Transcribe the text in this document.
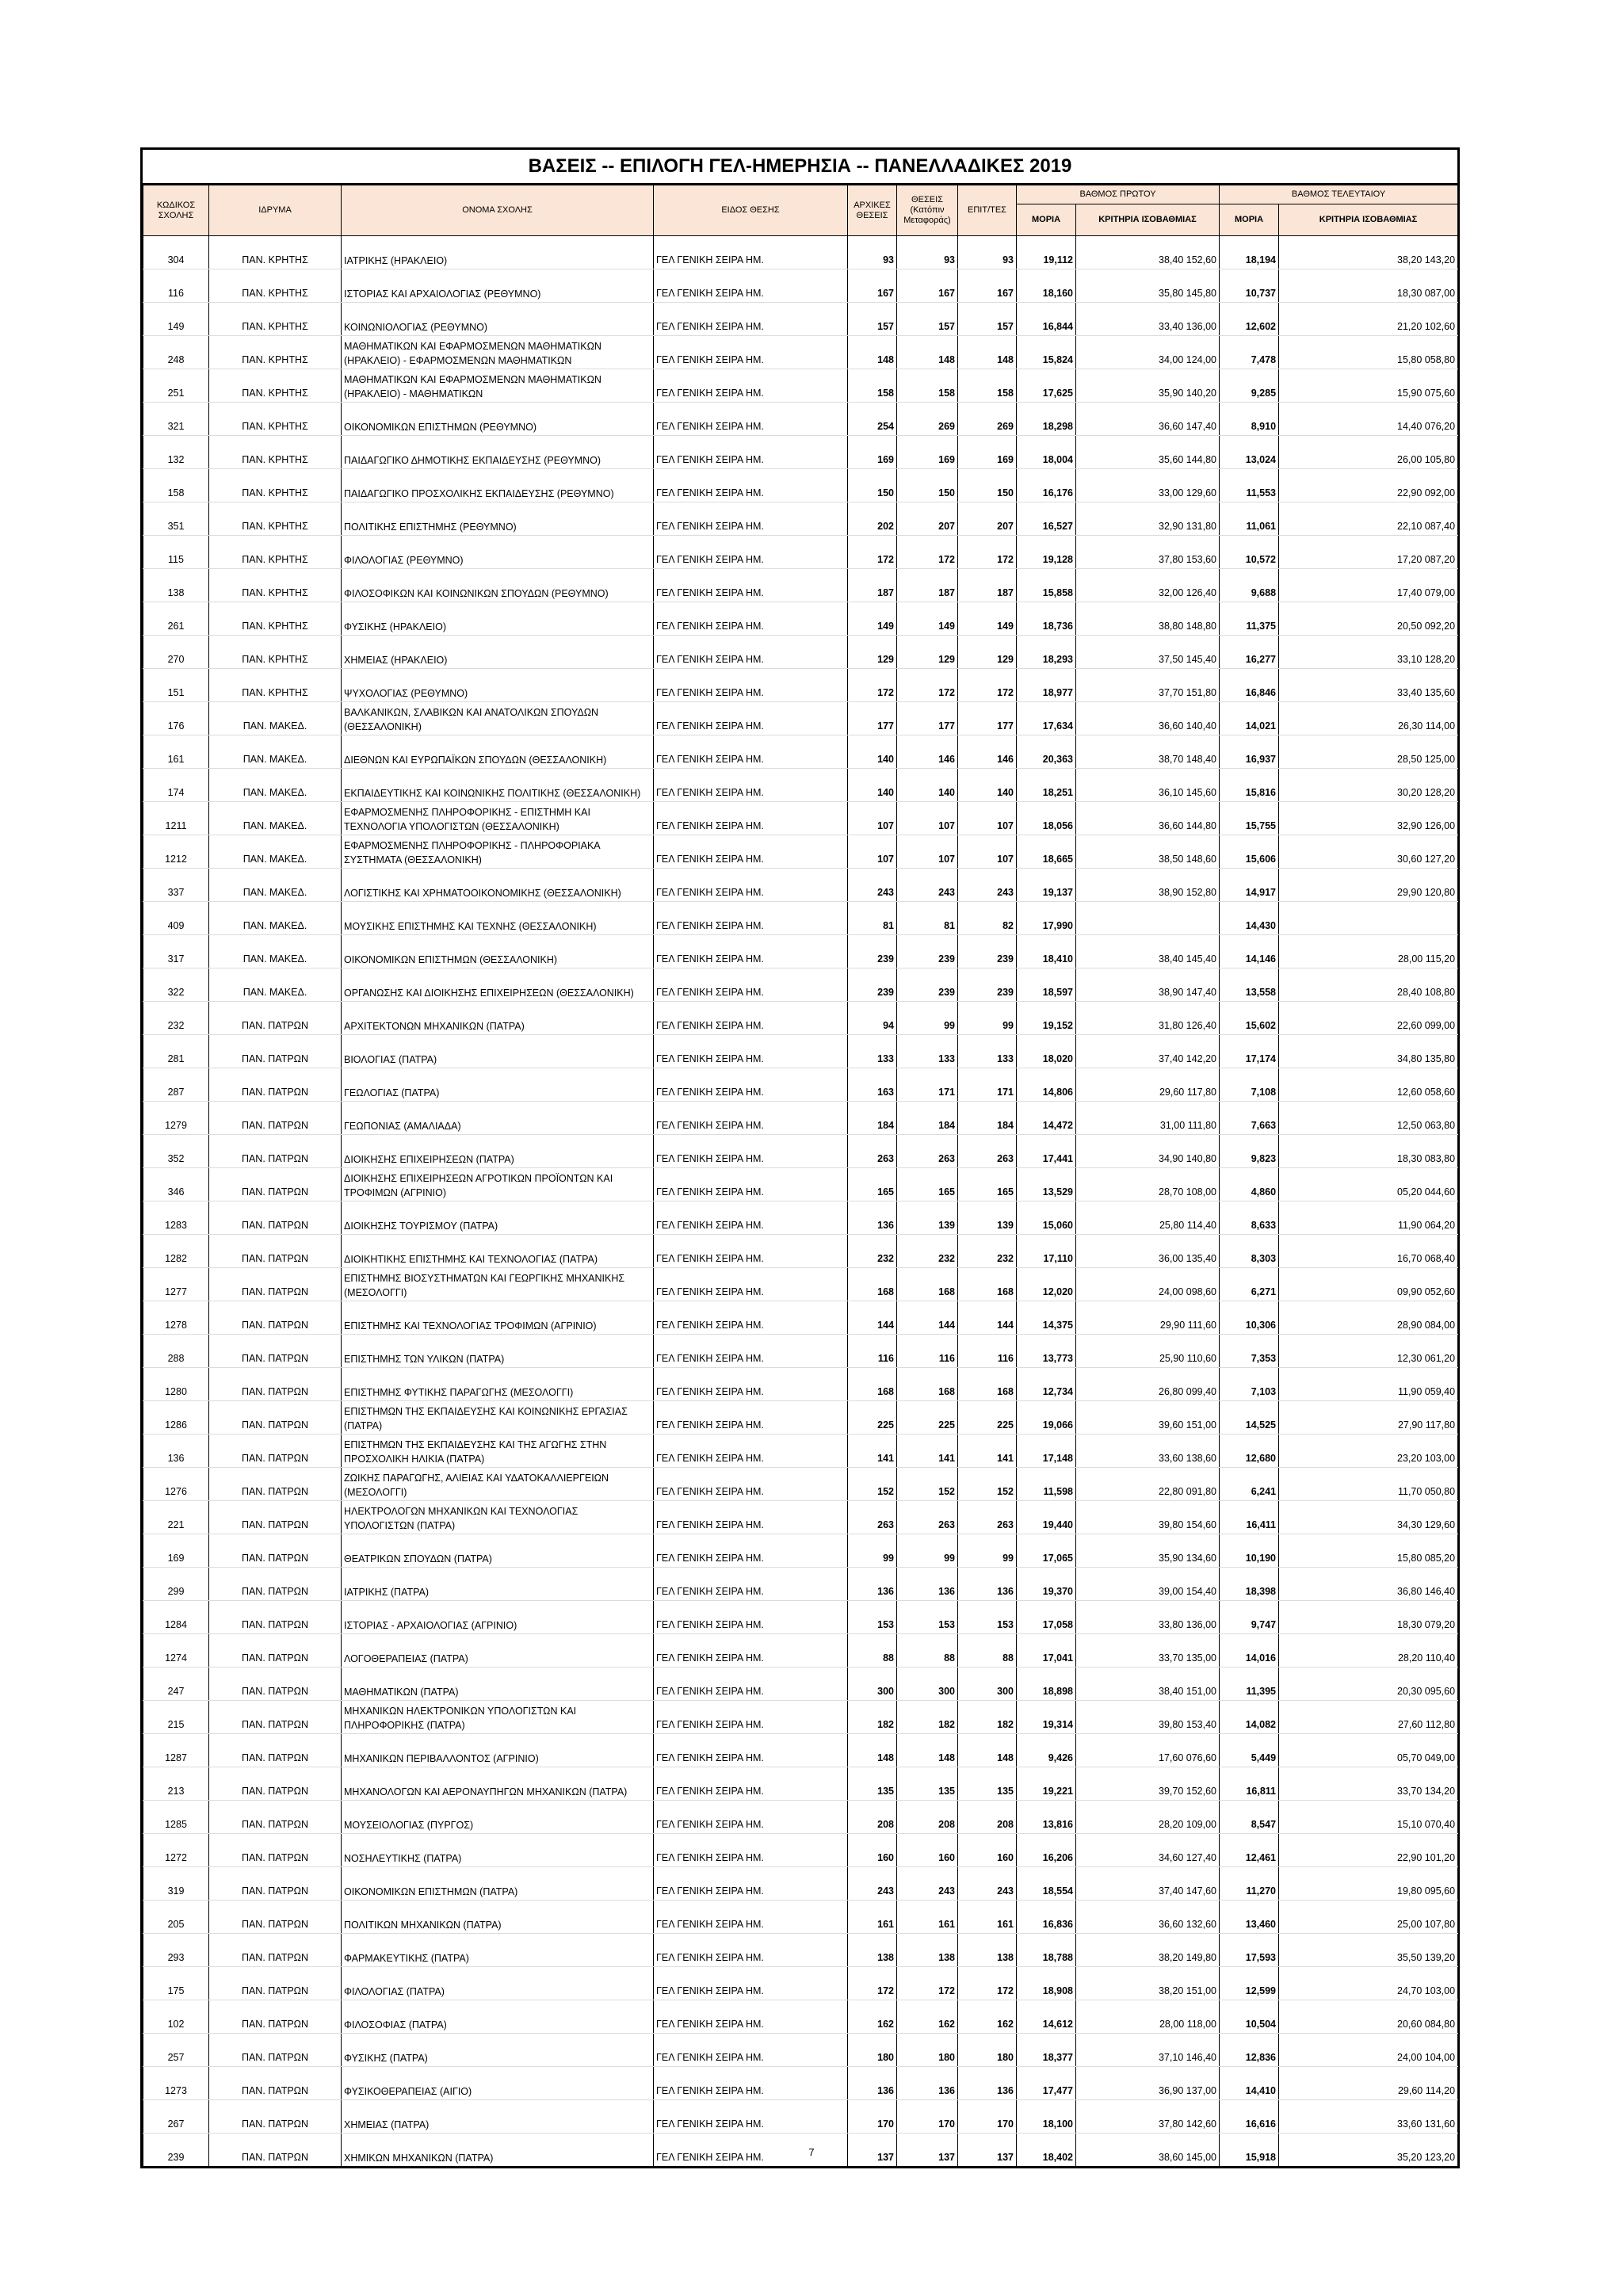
ΒΑΣΕΙΣ -- ΕΠΙΛΟΓΗ ΓΕΛ-ΗΜΕΡΗΣΙΑ -- ΠΑΝΕΛΛΑΔΙΚΕΣ 2019
ΚΩΔΙΚΟΣ ΣΧΟΛΗΣ	ΙΔΡΥΜΑ	ΟΝΟΜΑ ΣΧΟΛΗΣ	ΕΙΔΟΣ ΘΕΣΗΣ	ΑΡΧΙΚΕΣ ΘΕΣΕΙΣ	ΘΕΣΕΙΣ (Κατόπιν Μεταφοράς)	ΕΠΙΤ/ΤΕΣ	ΒΑΘΜΟΣ ΠΡΩΤΟΥ		ΒΑΘΜΟΣ ΤΕΛΕΥΤΑΙΟΥ	
							ΜΟΡΙΑ	ΚΡΙΤΗΡΙΑ ΙΣΟΒΑΘΜΙΑΣ	ΜΟΡΙΑ	ΚΡΙΤΗΡΙΑ ΙΣΟΒΑΘΜΙΑΣ
304	ΠΑΝ. ΚΡΗΤΗΣ	ΙΑΤΡΙΚΗΣ (ΗΡΑΚΛΕΙΟ)	ΓΕΛ ΓΕΝΙΚΗ ΣΕΙΡΑ ΗΜ.	93	93	93	19,112	38,40 152,60	18,194	38,20 143,20
116	ΠΑΝ. ΚΡΗΤΗΣ	ΙΣΤΟΡΙΑΣ ΚΑΙ ΑΡΧΑΙΟΛΟΓΙΑΣ (ΡΕΘΥΜΝΟ)	ΓΕΛ ΓΕΝΙΚΗ ΣΕΙΡΑ ΗΜ.	167	167	167	18,160	35,80 145,80	10,737	18,30 087,00
149	ΠΑΝ. ΚΡΗΤΗΣ	ΚΟΙΝΩΝΙΟΛΟΓΙΑΣ (ΡΕΘΥΜΝΟ)	ΓΕΛ ΓΕΝΙΚΗ ΣΕΙΡΑ ΗΜ.	157	157	157	16,844	33,40 136,00	12,602	21,20 102,60
248	ΠΑΝ. ΚΡΗΤΗΣ	ΜΑΘΗΜΑΤΙΚΩΝ ΚΑΙ ΕΦΑΡΜΟΣΜΕΝΩΝ ΜΑΘΗΜΑΤΙΚΩΝ (ΗΡΑΚΛΕΙΟ) - ΕΦΑΡΜΟΣΜΕΝΩΝ ΜΑΘΗΜΑΤΙΚΩΝ	ΓΕΛ ΓΕΝΙΚΗ ΣΕΙΡΑ ΗΜ.	148	148	148	15,824	34,00 124,00	7,478	15,80 058,80
251	ΠΑΝ. ΚΡΗΤΗΣ	ΜΑΘΗΜΑΤΙΚΩΝ ΚΑΙ ΕΦΑΡΜΟΣΜΕΝΩΝ ΜΑΘΗΜΑΤΙΚΩΝ (ΗΡΑΚΛΕΙΟ) - ΜΑΘΗΜΑΤΙΚΩΝ	ΓΕΛ ΓΕΝΙΚΗ ΣΕΙΡΑ ΗΜ.	158	158	158	17,625	35,90 140,20	9,285	15,90 075,60
321	ΠΑΝ. ΚΡΗΤΗΣ	ΟΙΚΟΝΟΜΙΚΩΝ ΕΠΙΣΤΗΜΩΝ (ΡΕΘΥΜΝΟ)	ΓΕΛ ΓΕΝΙΚΗ ΣΕΙΡΑ ΗΜ.	254	269	269	18,298	36,60 147,40	8,910	14,40 076,20
132	ΠΑΝ. ΚΡΗΤΗΣ	ΠΑΙΔΑΓΩΓΙΚΟ ΔΗΜΟΤΙΚΗΣ ΕΚΠΑΙΔΕΥΣΗΣ (ΡΕΘΥΜΝΟ)	ΓΕΛ ΓΕΝΙΚΗ ΣΕΙΡΑ ΗΜ.	169	169	169	18,004	35,60 144,80	13,024	26,00 105,80
158	ΠΑΝ. ΚΡΗΤΗΣ	ΠΑΙΔΑΓΩΓΙΚΟ ΠΡΟΣΧΟΛΙΚΗΣ ΕΚΠΑΙΔΕΥΣΗΣ (ΡΕΘΥΜΝΟ)	ΓΕΛ ΓΕΝΙΚΗ ΣΕΙΡΑ ΗΜ.	150	150	150	16,176	33,00 129,60	11,553	22,90 092,00
351	ΠΑΝ. ΚΡΗΤΗΣ	ΠΟΛΙΤΙΚΗΣ ΕΠΙΣΤΗΜΗΣ (ΡΕΘΥΜΝΟ)	ΓΕΛ ΓΕΝΙΚΗ ΣΕΙΡΑ ΗΜ.	202	207	207	16,527	32,90 131,80	11,061	22,10 087,40
115	ΠΑΝ. ΚΡΗΤΗΣ	ΦΙΛΟΛΟΓΙΑΣ (ΡΕΘΥΜΝΟ)	ΓΕΛ ΓΕΝΙΚΗ ΣΕΙΡΑ ΗΜ.	172	172	172	19,128	37,80 153,60	10,572	17,20 087,20
138	ΠΑΝ. ΚΡΗΤΗΣ	ΦΙΛΟΣΟΦΙΚΩΝ ΚΑΙ ΚΟΙΝΩΝΙΚΩΝ ΣΠΟΥΔΩΝ (ΡΕΘΥΜΝΟ)	ΓΕΛ ΓΕΝΙΚΗ ΣΕΙΡΑ ΗΜ.	187	187	187	15,858	32,00 126,40	9,688	17,40 079,00
261	ΠΑΝ. ΚΡΗΤΗΣ	ΦΥΣΙΚΗΣ (ΗΡΑΚΛΕΙΟ)	ΓΕΛ ΓΕΝΙΚΗ ΣΕΙΡΑ ΗΜ.	149	149	149	18,736	38,80 148,80	11,375	20,50 092,20
270	ΠΑΝ. ΚΡΗΤΗΣ	ΧΗΜΕΙΑΣ (ΗΡΑΚΛΕΙΟ)	ΓΕΛ ΓΕΝΙΚΗ ΣΕΙΡΑ ΗΜ.	129	129	129	18,293	37,50 145,40	16,277	33,10 128,20
151	ΠΑΝ. ΚΡΗΤΗΣ	ΨΥΧΟΛΟΓΙΑΣ (ΡΕΘΥΜΝΟ)	ΓΕΛ ΓΕΝΙΚΗ ΣΕΙΡΑ ΗΜ.	172	172	172	18,977	37,70 151,80	16,846	33,40 135,60
176	ΠΑΝ. ΜΑΚΕΔ.	ΒΑΛΚΑΝΙΚΩΝ, ΣΛΑΒΙΚΩΝ ΚΑΙ ΑΝΑΤΟΛΙΚΩΝ ΣΠΟΥΔΩΝ (ΘΕΣΣΑΛΟΝΙΚΗ)	ΓΕΛ ΓΕΝΙΚΗ ΣΕΙΡΑ ΗΜ.	177	177	177	17,634	36,60 140,40	14,021	26,30 114,00
161	ΠΑΝ. ΜΑΚΕΔ.	ΔΙΕΘΝΩΝ ΚΑΙ ΕΥΡΩΠΑΪΚΩΝ ΣΠΟΥΔΩΝ (ΘΕΣΣΑΛΟΝΙΚΗ)	ΓΕΛ ΓΕΝΙΚΗ ΣΕΙΡΑ ΗΜ.	140	146	146	20,363	38,70 148,40	16,937	28,50 125,00
174	ΠΑΝ. ΜΑΚΕΔ.	ΕΚΠΑΙΔΕΥΤΙΚΗΣ ΚΑΙ ΚΟΙΝΩΝΙΚΗΣ ΠΟΛΙΤΙΚΗΣ (ΘΕΣΣΑΛΟΝΙΚΗ)	ΓΕΛ ΓΕΝΙΚΗ ΣΕΙΡΑ ΗΜ.	140	140	140	18,251	36,10 145,60	15,816	30,20 128,20
1211	ΠΑΝ. ΜΑΚΕΔ.	ΕΦΑΡΜΟΣΜΕΝΗΣ ΠΛΗΡΟΦΟΡΙΚΗΣ - ΕΠΙΣΤΗΜΗ ΚΑΙ ΤΕΧΝΟΛΟΓΙΑ ΥΠΟΛΟΓΙΣΤΩΝ (ΘΕΣΣΑΛΟΝΙΚΗ)	ΓΕΛ ΓΕΝΙΚΗ ΣΕΙΡΑ ΗΜ.	107	107	107	18,056	36,60 144,80	15,755	32,90 126,00
1212	ΠΑΝ. ΜΑΚΕΔ.	ΕΦΑΡΜΟΣΜΕΝΗΣ ΠΛΗΡΟΦΟΡΙΚΗΣ - ΠΛΗΡΟΦΟΡΙΑΚΑ ΣΥΣΤΗΜΑΤΑ (ΘΕΣΣΑΛΟΝΙΚΗ)	ΓΕΛ ΓΕΝΙΚΗ ΣΕΙΡΑ ΗΜ.	107	107	107	18,665	38,50 148,60	15,606	30,60 127,20
337	ΠΑΝ. ΜΑΚΕΔ.	ΛΟΓΙΣΤΙΚΗΣ ΚΑΙ ΧΡΗΜΑΤΟΟΙΚΟΝΟΜΙΚΗΣ (ΘΕΣΣΑΛΟΝΙΚΗ)	ΓΕΛ ΓΕΝΙΚΗ ΣΕΙΡΑ ΗΜ.	243	243	243	19,137	38,90 152,80	14,917	29,90 120,80
409	ΠΑΝ. ΜΑΚΕΔ.	ΜΟΥΣΙΚΗΣ ΕΠΙΣΤΗΜΗΣ ΚΑΙ ΤΕΧΝΗΣ (ΘΕΣΣΑΛΟΝΙΚΗ)	ΓΕΛ ΓΕΝΙΚΗ ΣΕΙΡΑ ΗΜ.	81	81	82	17,990		14,430	
317	ΠΑΝ. ΜΑΚΕΔ.	ΟΙΚΟΝΟΜΙΚΩΝ ΕΠΙΣΤΗΜΩΝ (ΘΕΣΣΑΛΟΝΙΚΗ)	ΓΕΛ ΓΕΝΙΚΗ ΣΕΙΡΑ ΗΜ.	239	239	239	18,410	38,40 145,40	14,146	28,00 115,20
322	ΠΑΝ. ΜΑΚΕΔ.	ΟΡΓΑΝΩΣΗΣ ΚΑΙ ΔΙΟΙΚΗΣΗΣ ΕΠΙΧΕΙΡΗΣΕΩΝ (ΘΕΣΣΑΛΟΝΙΚΗ)	ΓΕΛ ΓΕΝΙΚΗ ΣΕΙΡΑ ΗΜ.	239	239	239	18,597	38,90 147,40	13,558	28,40 108,80
232	ΠΑΝ. ΠΑΤΡΩΝ	ΑΡΧΙΤΕΚΤΟΝΩΝ ΜΗΧΑΝΙΚΩΝ (ΠΑΤΡΑ)	ΓΕΛ ΓΕΝΙΚΗ ΣΕΙΡΑ ΗΜ.	94	99	99	19,152	31,80 126,40	15,602	22,60 099,00
281	ΠΑΝ. ΠΑΤΡΩΝ	ΒΙΟΛΟΓΙΑΣ (ΠΑΤΡΑ)	ΓΕΛ ΓΕΝΙΚΗ ΣΕΙΡΑ ΗΜ.	133	133	133	18,020	37,40 142,20	17,174	34,80 135,80
287	ΠΑΝ. ΠΑΤΡΩΝ	ΓΕΩΛΟΓΙΑΣ (ΠΑΤΡΑ)	ΓΕΛ ΓΕΝΙΚΗ ΣΕΙΡΑ ΗΜ.	163	171	171	14,806	29,60 117,80	7,108	12,60 058,60
1279	ΠΑΝ. ΠΑΤΡΩΝ	ΓΕΩΠΟΝΙΑΣ (ΑΜΑΛΙΑΔΑ)	ΓΕΛ ΓΕΝΙΚΗ ΣΕΙΡΑ ΗΜ.	184	184	184	14,472	31,00 111,80	7,663	12,50 063,80
352	ΠΑΝ. ΠΑΤΡΩΝ	ΔΙΟΙΚΗΣΗΣ ΕΠΙΧΕΙΡΗΣΕΩΝ (ΠΑΤΡΑ)	ΓΕΛ ΓΕΝΙΚΗ ΣΕΙΡΑ ΗΜ.	263	263	263	17,441	34,90 140,80	9,823	18,30 083,80
346	ΠΑΝ. ΠΑΤΡΩΝ	ΔΙΟΙΚΗΣΗΣ ΕΠΙΧΕΙΡΗΣΕΩΝ ΑΓΡΟΤΙΚΩΝ ΠΡΟΪΟΝΤΩΝ ΚΑΙ ΤΡΟΦΙΜΩΝ (ΑΓΡΙΝΙΟ)	ΓΕΛ ΓΕΝΙΚΗ ΣΕΙΡΑ ΗΜ.	165	165	165	13,529	28,70 108,00	4,860	05,20 044,60
1283	ΠΑΝ. ΠΑΤΡΩΝ	ΔΙΟΙΚΗΣΗΣ ΤΟΥΡΙΣΜΟΥ (ΠΑΤΡΑ)	ΓΕΛ ΓΕΝΙΚΗ ΣΕΙΡΑ ΗΜ.	136	139	139	15,060	25,80 114,40	8,633	11,90 064,20
1282	ΠΑΝ. ΠΑΤΡΩΝ	ΔΙΟΙΚΗΤΙΚΗΣ ΕΠΙΣΤΗΜΗΣ ΚΑΙ ΤΕΧΝΟΛΟΓΙΑΣ (ΠΑΤΡΑ)	ΓΕΛ ΓΕΝΙΚΗ ΣΕΙΡΑ ΗΜ.	232	232	232	17,110	36,00 135,40	8,303	16,70 068,40
1277	ΠΑΝ. ΠΑΤΡΩΝ	ΕΠΙΣΤΗΜΗΣ ΒΙΟΣΥΣΤΗΜΑΤΩΝ ΚΑΙ ΓΕΩΡΓΙΚΗΣ ΜΗΧΑΝΙΚΗΣ (ΜΕΣΟΛΟΓΓΙ)	ΓΕΛ ΓΕΝΙΚΗ ΣΕΙΡΑ ΗΜ.	168	168	168	12,020	24,00 098,60	6,271	09,90 052,60
1278	ΠΑΝ. ΠΑΤΡΩΝ	ΕΠΙΣΤΗΜΗΣ ΚΑΙ ΤΕΧΝΟΛΟΓΙΑΣ ΤΡΟΦΙΜΩΝ (ΑΓΡΙΝΙΟ)	ΓΕΛ ΓΕΝΙΚΗ ΣΕΙΡΑ ΗΜ.	144	144	144	14,375	29,90 111,60	10,306	28,90 084,00
288	ΠΑΝ. ΠΑΤΡΩΝ	ΕΠΙΣΤΗΜΗΣ ΤΩΝ ΥΛΙΚΩΝ (ΠΑΤΡΑ)	ΓΕΛ ΓΕΝΙΚΗ ΣΕΙΡΑ ΗΜ.	116	116	116	13,773	25,90 110,60	7,353	12,30 061,20
1280	ΠΑΝ. ΠΑΤΡΩΝ	ΕΠΙΣΤΗΜΗΣ ΦΥΤΙΚΗΣ ΠΑΡΑΓΩΓΗΣ (ΜΕΣΟΛΟΓΓΙ)	ΓΕΛ ΓΕΝΙΚΗ ΣΕΙΡΑ ΗΜ.	168	168	168	12,734	26,80 099,40	7,103	11,90 059,40
1286	ΠΑΝ. ΠΑΤΡΩΝ	ΕΠΙΣΤΗΜΩΝ ΤΗΣ ΕΚΠΑΙΔΕΥΣΗΣ ΚΑΙ ΚΟΙΝΩΝΙΚΗΣ ΕΡΓΑΣΙΑΣ (ΠΑΤΡΑ)	ΓΕΛ ΓΕΝΙΚΗ ΣΕΙΡΑ ΗΜ.	225	225	225	19,066	39,60 151,00	14,525	27,90 117,80
136	ΠΑΝ. ΠΑΤΡΩΝ	ΕΠΙΣΤΗΜΩΝ ΤΗΣ ΕΚΠΑΙΔΕΥΣΗΣ ΚΑΙ ΤΗΣ ΑΓΩΓΗΣ ΣΤΗΝ ΠΡΟΣΧΟΛΙΚΗ ΗΛΙΚΙΑ (ΠΑΤΡΑ)	ΓΕΛ ΓΕΝΙΚΗ ΣΕΙΡΑ ΗΜ.	141	141	141	17,148	33,60 138,60	12,680	23,20 103,00
1276	ΠΑΝ. ΠΑΤΡΩΝ	ΖΩΙΚΗΣ ΠΑΡΑΓΩΓΗΣ, ΑΛΙΕΙΑΣ ΚΑΙ ΥΔΑΤΟΚΑΛΛΙΕΡΓΕΙΩΝ (ΜΕΣΟΛΟΓΓΙ)	ΓΕΛ ΓΕΝΙΚΗ ΣΕΙΡΑ ΗΜ.	152	152	152	11,598	22,80 091,80	6,241	11,70 050,80
221	ΠΑΝ. ΠΑΤΡΩΝ	ΗΛΕΚΤΡΟΛΟΓΩΝ ΜΗΧΑΝΙΚΩΝ ΚΑΙ ΤΕΧΝΟΛΟΓΙΑΣ ΥΠΟΛΟΓΙΣΤΩΝ (ΠΑΤΡΑ)	ΓΕΛ ΓΕΝΙΚΗ ΣΕΙΡΑ ΗΜ.	263	263	263	19,440	39,80 154,60	16,411	34,30 129,60
169	ΠΑΝ. ΠΑΤΡΩΝ	ΘΕΑΤΡΙΚΩΝ ΣΠΟΥΔΩΝ (ΠΑΤΡΑ)	ΓΕΛ ΓΕΝΙΚΗ ΣΕΙΡΑ ΗΜ.	99	99	99	17,065	35,90 134,60	10,190	15,80 085,20
299	ΠΑΝ. ΠΑΤΡΩΝ	ΙΑΤΡΙΚΗΣ (ΠΑΤΡΑ)	ΓΕΛ ΓΕΝΙΚΗ ΣΕΙΡΑ ΗΜ.	136	136	136	19,370	39,00 154,40	18,398	36,80 146,40
1284	ΠΑΝ. ΠΑΤΡΩΝ	ΙΣΤΟΡΙΑΣ - ΑΡΧΑΙΟΛΟΓΙΑΣ (ΑΓΡΙΝΙΟ)	ΓΕΛ ΓΕΝΙΚΗ ΣΕΙΡΑ ΗΜ.	153	153	153	17,058	33,80 136,00	9,747	18,30 079,20
1274	ΠΑΝ. ΠΑΤΡΩΝ	ΛΟΓΟΘΕΡΑΠΕΙΑΣ (ΠΑΤΡΑ)	ΓΕΛ ΓΕΝΙΚΗ ΣΕΙΡΑ ΗΜ.	88	88	88	17,041	33,70 135,00	14,016	28,20 110,40
247	ΠΑΝ. ΠΑΤΡΩΝ	ΜΑΘΗΜΑΤΙΚΩΝ (ΠΑΤΡΑ)	ΓΕΛ ΓΕΝΙΚΗ ΣΕΙΡΑ ΗΜ.	300	300	300	18,898	38,40 151,00	11,395	20,30 095,60
215	ΠΑΝ. ΠΑΤΡΩΝ	ΜΗΧΑΝΙΚΩΝ ΗΛΕΚΤΡΟΝΙΚΩΝ ΥΠΟΛΟΓΙΣΤΩΝ ΚΑΙ ΠΛΗΡΟΦΟΡΙΚΗΣ (ΠΑΤΡΑ)	ΓΕΛ ΓΕΝΙΚΗ ΣΕΙΡΑ ΗΜ.	182	182	182	19,314	39,80 153,40	14,082	27,60 112,80
1287	ΠΑΝ. ΠΑΤΡΩΝ	ΜΗΧΑΝΙΚΩΝ ΠΕΡΙΒΑΛΛΟΝΤΟΣ (ΑΓΡΙΝΙΟ)	ΓΕΛ ΓΕΝΙΚΗ ΣΕΙΡΑ ΗΜ.	148	148	148	9,426	17,60 076,60	5,449	05,70 049,00
213	ΠΑΝ. ΠΑΤΡΩΝ	ΜΗΧΑΝΟΛΟΓΩΝ ΚΑΙ ΑΕΡΟΝΑΥΠΗΓΩΝ ΜΗΧΑΝΙΚΩΝ (ΠΑΤΡΑ)	ΓΕΛ ΓΕΝΙΚΗ ΣΕΙΡΑ ΗΜ.	135	135	135	19,221	39,70 152,60	16,811	33,70 134,20
1285	ΠΑΝ. ΠΑΤΡΩΝ	ΜΟΥΣΕΙΟΛΟΓΙΑΣ (ΠΥΡΓΟΣ)	ΓΕΛ ΓΕΝΙΚΗ ΣΕΙΡΑ ΗΜ.	208	208	208	13,816	28,20 109,00	8,547	15,10 070,40
1272	ΠΑΝ. ΠΑΤΡΩΝ	ΝΟΣΗΛΕΥΤΙΚΗΣ (ΠΑΤΡΑ)	ΓΕΛ ΓΕΝΙΚΗ ΣΕΙΡΑ ΗΜ.	160	160	160	16,206	34,60 127,40	12,461	22,90 101,20
319	ΠΑΝ. ΠΑΤΡΩΝ	ΟΙΚΟΝΟΜΙΚΩΝ ΕΠΙΣΤΗΜΩΝ (ΠΑΤΡΑ)	ΓΕΛ ΓΕΝΙΚΗ ΣΕΙΡΑ ΗΜ.	243	243	243	18,554	37,40 147,60	11,270	19,80 095,60
205	ΠΑΝ. ΠΑΤΡΩΝ	ΠΟΛΙΤΙΚΩΝ ΜΗΧΑΝΙΚΩΝ (ΠΑΤΡΑ)	ΓΕΛ ΓΕΝΙΚΗ ΣΕΙΡΑ ΗΜ.	161	161	161	16,836	36,60 132,60	13,460	25,00 107,80
293	ΠΑΝ. ΠΑΤΡΩΝ	ΦΑΡΜΑΚΕΥΤΙΚΗΣ (ΠΑΤΡΑ)	ΓΕΛ ΓΕΝΙΚΗ ΣΕΙΡΑ ΗΜ.	138	138	138	18,788	38,20 149,80	17,593	35,50 139,20
175	ΠΑΝ. ΠΑΤΡΩΝ	ΦΙΛΟΛΟΓΙΑΣ (ΠΑΤΡΑ)	ΓΕΛ ΓΕΝΙΚΗ ΣΕΙΡΑ ΗΜ.	172	172	172	18,908	38,20 151,00	12,599	24,70 103,00
102	ΠΑΝ. ΠΑΤΡΩΝ	ΦΙΛΟΣΟΦΙΑΣ (ΠΑΤΡΑ)	ΓΕΛ ΓΕΝΙΚΗ ΣΕΙΡΑ ΗΜ.	162	162	162	14,612	28,00 118,00	10,504	20,60 084,80
257	ΠΑΝ. ΠΑΤΡΩΝ	ΦΥΣΙΚΗΣ (ΠΑΤΡΑ)	ΓΕΛ ΓΕΝΙΚΗ ΣΕΙΡΑ ΗΜ.	180	180	180	18,377	37,10 146,40	12,836	24,00 104,00
1273	ΠΑΝ. ΠΑΤΡΩΝ	ΦΥΣΙΚΟΘΕΡΑΠΕΙΑΣ (ΑΙΓΙΟ)	ΓΕΛ ΓΕΝΙΚΗ ΣΕΙΡΑ ΗΜ.	136	136	136	17,477	36,90 137,00	14,410	29,60 114,20
267	ΠΑΝ. ΠΑΤΡΩΝ	ΧΗΜΕΙΑΣ (ΠΑΤΡΑ)	ΓΕΛ ΓΕΝΙΚΗ ΣΕΙΡΑ ΗΜ.	170	170	170	18,100	37,80 142,60	16,616	33,60 131,60
239	ΠΑΝ. ΠΑΤΡΩΝ	ΧΗΜΙΚΩΝ ΜΗΧΑΝΙΚΩΝ (ΠΑΤΡΑ)	ΓΕΛ ΓΕΝΙΚΗ ΣΕΙΡΑ ΗΜ.	137	137	137	18,402	38,60 145,00	15,918	35,20 123,20
7
